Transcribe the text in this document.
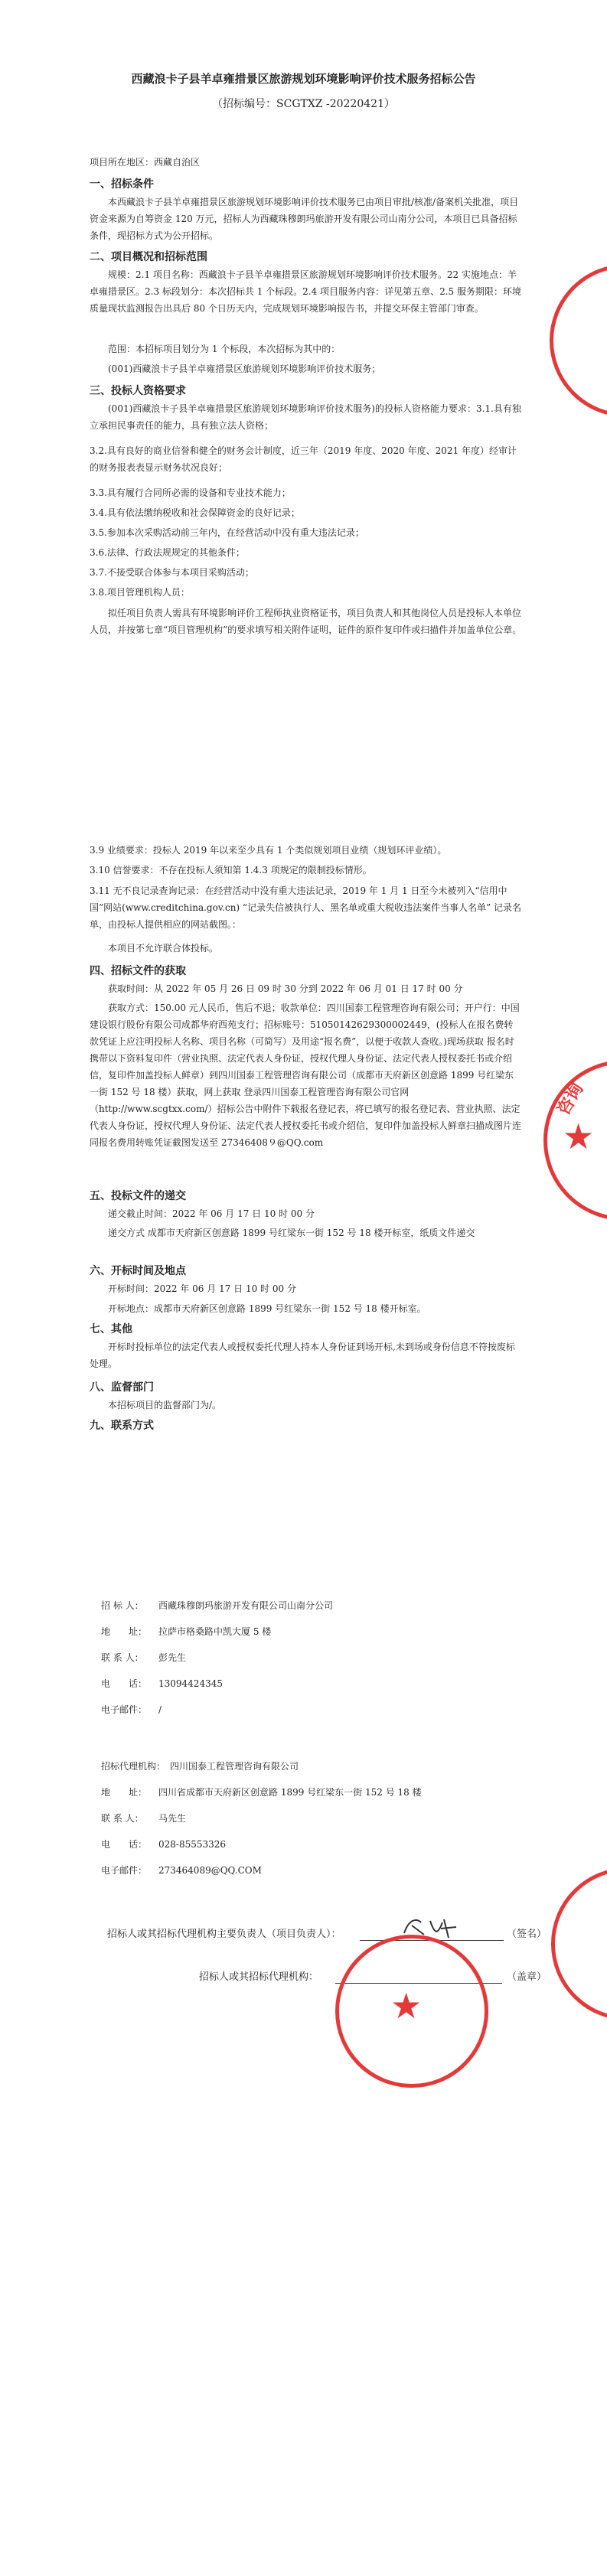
西藏浪卡子县羊卓雍措景区旅游规划环境影响评价技术服务招标公告
（招标编号：SCGTXZ -20220421）
项目所在地区：西藏自治区
一、招标条件
本西藏浪卡子县羊卓雍措景区旅游规划环境影响评价技术服务已由项目审批/核准/备案机关批准，项目资金来源为自筹资金 120 万元，招标人为西藏珠穆朗玛旅游开发有限公司山南分公司，本项目已具备招标条件，现招标方式为公开招标。
二、项目概况和招标范围
规模：2.1 项目名称：西藏浪卡子县羊卓雍措景区旅游规划环境影响评价技术服务。22 实施地点：羊卓雍措景区。2.3 标段划分：本次招标共 1 个标段。2.4 项目服务内容：详见第五章、2.5 服务期限：环境质量现状监测报告出具后 80 个日历天内，完成规划环境影响报告书，并提交环保主管部门审查。
范围：本招标项目划分为 1 个标段，本次招标为其中的：
(001)西藏浪卡子县羊卓雍措景区旅游规划环境影响评价技术服务；
三、投标人资格要求
(001)西藏浪卡子县羊卓雍措景区旅游规划环境影响评价技术服务)的投标人资格能力要求：3.1.具有独立承担民事责任的能力，具有独立法人资格；
3.2.具有良好的商业信誉和健全的财务会计制度，近三年（2019 年度、2020 年度、2021 年度）经审计的财务报表表显示财务状况良好；
3.3.具有履行合同所必需的设备和专业技术能力；
3.4.具有依法缴纳税收和社会保障资金的良好记录；
3.5.参加本次采购活动前三年内，在经营活动中没有重大违法记录；
3.6.法律、行政法规规定的其他条件；
3.7.不接受联合体参与本项目采购活动；
3.8.项目管理机构人员：
拟任项目负责人需具有环境影响评价工程师执业资格证书，项目负责人和其他岗位人员是投标人本单位人员，并按第七章“项目管理机构”的要求填写相关附件证明，证件的原件复印件或扫描件并加盖单位公章。
3.9 业绩要求：投标人 2019 年以来至少具有 1 个类似规划项目业绩（规划环评业绩）。
3.10 信誉要求：不存在投标人须知第 1.4.3 项规定的限制投标情形。
3.11 无不良记录查询记录：在经营活动中没有重大违法记录，2019 年 1 月 1 日至今未被列入“信用中国”网站(www.creditchina.gov.cn) “记录失信被执行人、黑名单或重大税收违法案件当事人名单” 记录名单，由投标人提供相应的网站截图。：
本项目不允许联合体投标。
四、招标文件的获取
获取时间：从 2022 年 05 月 26 日 09 时 30 分到 2022 年 06 月 01 日 17 时 00 分
获取方式：150.00 元人民币，售后不退；收款单位：四川国泰工程管理咨询有限公司；开户行：中国建设银行股份有限公司成都华府西苑支行；招标账号：51050142629300002449，(投标人在报名费转款凭证上应注明投标人名称、项目名称（可简写）及用途“报名费”，以便于收款人查收。)现场获取 报名时携带以下资料复印件（营业执照、法定代表人身份证，授权代理人身份证、法定代表人授权委托书或介绍信，复印件加盖投标人鲜章）到四川国泰工程管理咨询有限公司（成都市天府新区创意路 1899 号红梁东一街 152 号 18 楼）获取，网上获取 登录四川国泰工程管理咨询有限公司官网（http://www.scgtxx.com/）招标公告中附件下载报名登记表，将已填写的报名登记表、营业执照、法定代表人身份证，授权代理人身份证、法定代表人授权委托书或介绍信，复印件加盖投标人鲜章扫描成图片连同报名费用转账凭证截图发送至 27346408９@QQ.com
五、投标文件的递交
递交截止时间：2022 年 06 月 17 日 10 时 00 分
递交方式 成都市天府新区创意路 1899 号红梁东一街 152 号 18 楼开标室，纸质文件递交
六、开标时间及地点
开标时间：2022 年 06 月 17 日 10 时 00 分
开标地点：成都市天府新区创意路 1899 号红梁东一街 152 号 18 楼开标室。
七、其他
开标时投标单位的法定代表人或授权委托代理人持本人身份证到场开标,未到场或身份信息不符按废标处理。
八、监督部门
本招标项目的监督部门为/。
九、联系方式
招 标 人： 西藏珠穆朗玛旅游开发有限公司山南分公司
地　　址： 拉萨市格桑路中凯大厦 5 楼
联 系 人： 彭先生
电　　话： 13094424345
电子邮件： /
招标代理机构： 四川国泰工程管理咨询有限公司
地　　址： 四川省成都市天府新区创意路 1899 号红梁东一街 152 号 18 楼
联 系 人： 马先生
电　　话： 028-85553326
电子邮件： 273464089@QQ.COM
招标人或其招标代理机构主要负责人（项目负责人）：	（签名）
招标人或其招标代理机构：	（盖章）
★
咨询
★
